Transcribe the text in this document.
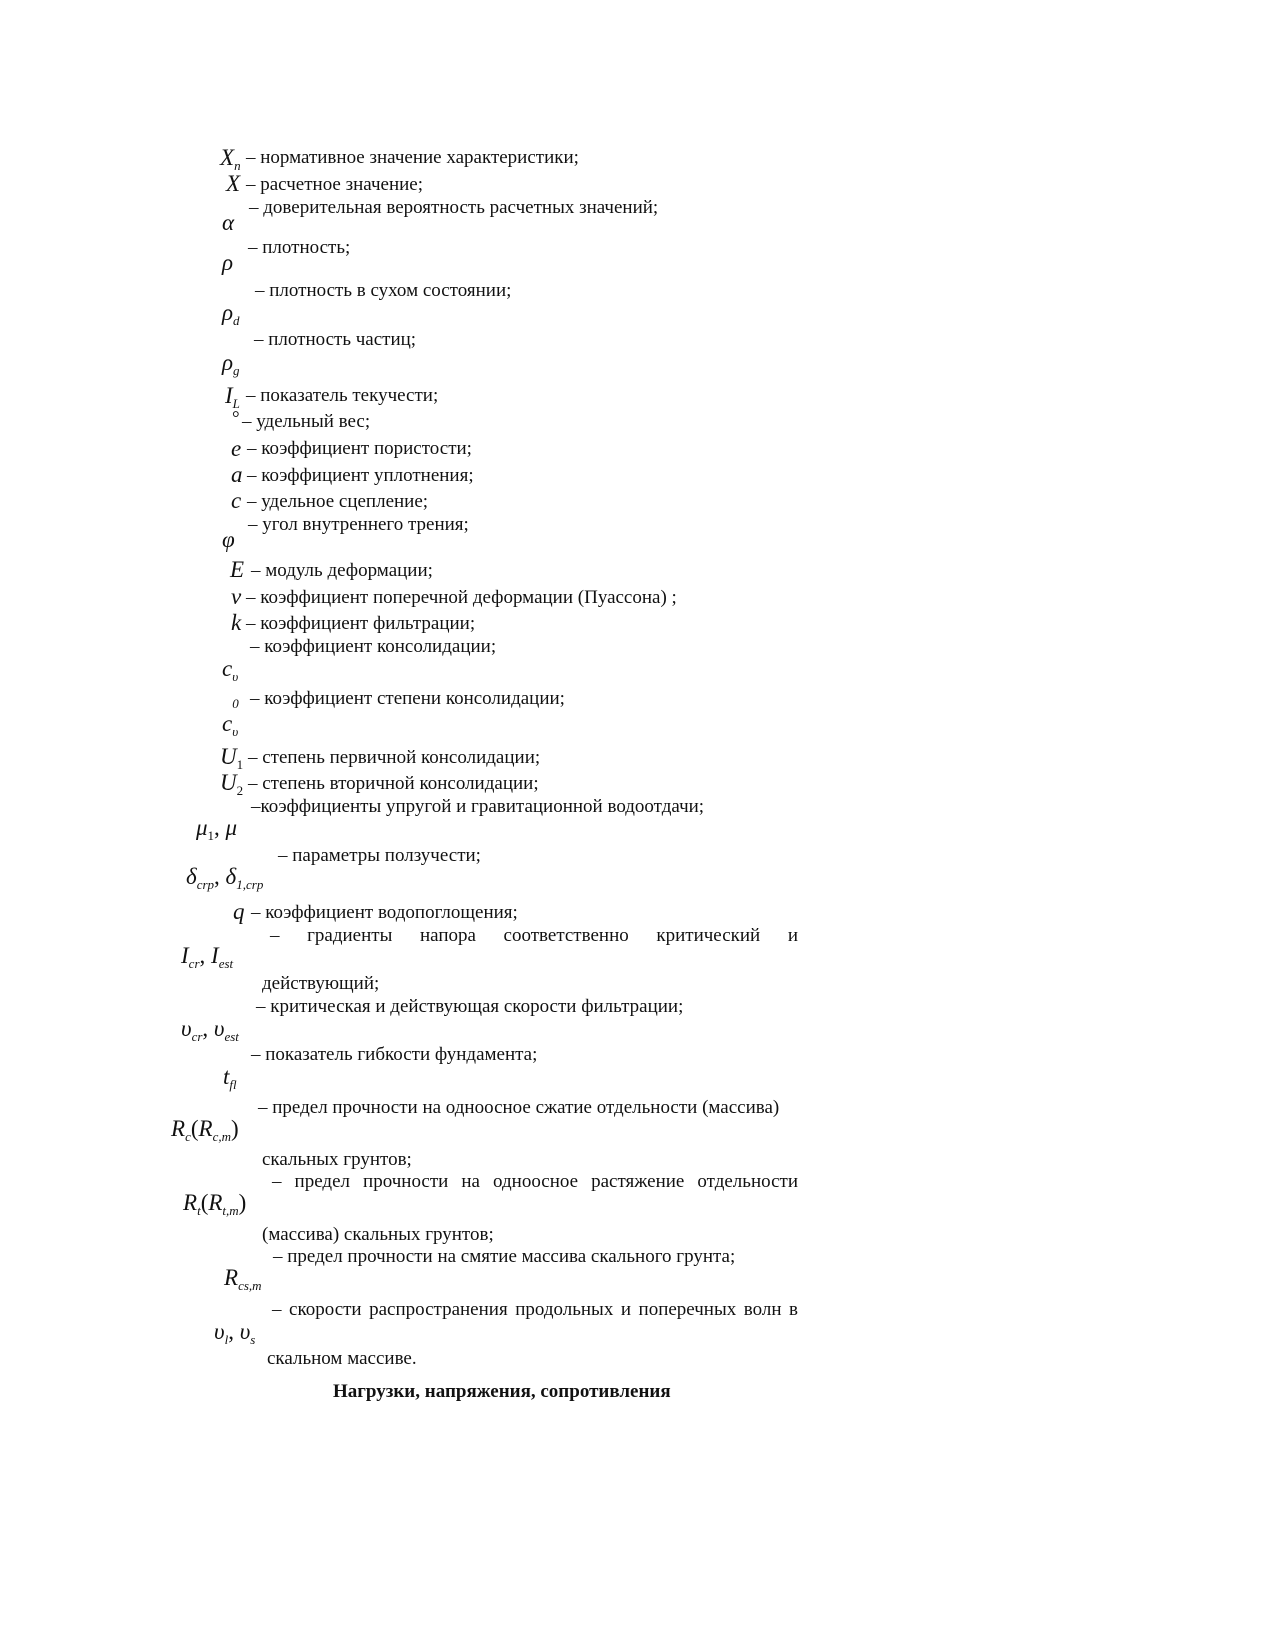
$X_n$ – нормативное значение характеристики;
X – расчетное значение;
α
– доверительная вероятность расчетных значений;
ρ
– плотность;
$\rho_d$
– плотность в сухом состоянии;
$\rho_g$
– плотность частиц;
$I_L$ – показатель текучести;
° – удельный вес;
e – коэффициент пористости;
a – коэффициент уплотнения;
c – удельное сцепление;
φ
– угол внутреннего трения;
E – модуль деформации;
v – коэффициент поперечной деформации (Пуассона) ;
k – коэффициент фильтрации;
$c_\upsilon$
– коэффициент консолидации;
$c_\upsilon$
0 – коэффициент степени консолидации;
$U_1$ – степень первичной консолидации;
$U_2$ – степень вторичной консолидации;
$\mu_1$, μ
–коэффициенты упругой и гравитационной водоотдачи;
$\delta_{crp}$, $\delta_{1,crp}$
– параметры ползучести;
q – коэффициент водопоглощения;
$I_{cr}$, $I_{est}$
– градиенты напора соответственно критический и
действующий;
$\upsilon_{cr}$, $\upsilon_{est}$
– критическая и действующая скорости фильтрации;
$t_{fl}$
– показатель гибкости фундамента;
$R_c(R_{c,m})$
– предел прочности на одноосное сжатие отдельности (массива)
скальных грунтов;
$R_t(R_{t,m})$
– предел прочности на одноосное растяжение отдельности
(массива) скальных грунтов;
$R_{cs,m}$
– предел прочности на смятие массива скального грунта;
$\upsilon_l$, $\upsilon_s$
– скорости распространения продольных и поперечных волн в
скальном массиве.
Нагрузки, напряжения, сопротивления
